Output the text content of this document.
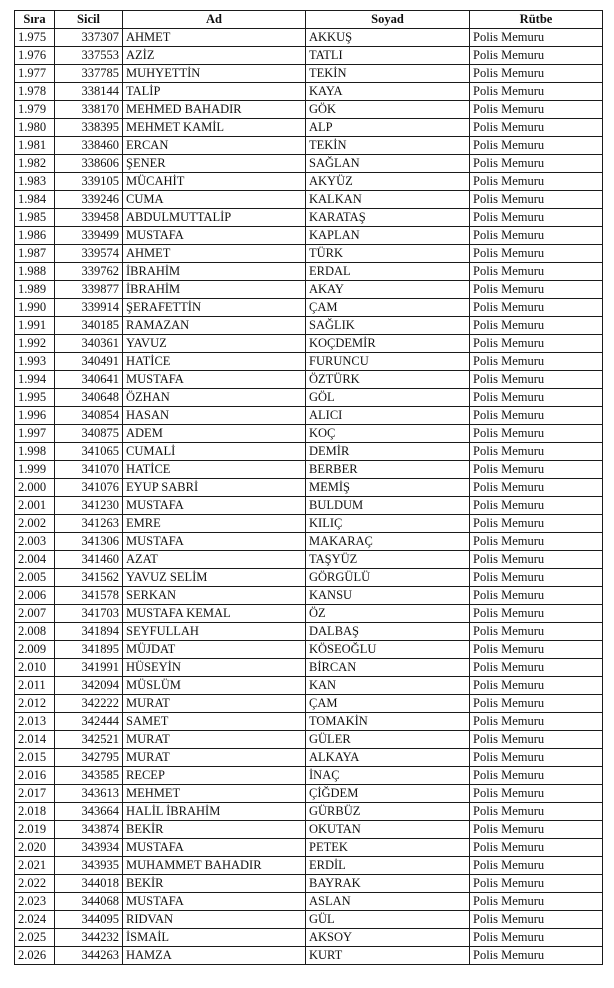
Sıra	Sicil	Ad	Soyad	Rütbe
1.975	337307	AHMET	AKKUŞ	Polis Memuru
1.976	337553	AZİZ	TATLI	Polis Memuru
1.977	337785	MUHYETTİN	TEKİN	Polis Memuru
1.978	338144	TALİP	KAYA	Polis Memuru
1.979	338170	MEHMED BAHADIR	GÖK	Polis Memuru
1.980	338395	MEHMET KAMİL	ALP	Polis Memuru
1.981	338460	ERCAN	TEKİN	Polis Memuru
1.982	338606	ŞENER	SAĞLAN	Polis Memuru
1.983	339105	MÜCAHİT	AKYÜZ	Polis Memuru
1.984	339246	CUMA	KALKAN	Polis Memuru
1.985	339458	ABDULMUTTALİP	KARATAŞ	Polis Memuru
1.986	339499	MUSTAFA	KAPLAN	Polis Memuru
1.987	339574	AHMET	TÜRK	Polis Memuru
1.988	339762	İBRAHİM	ERDAL	Polis Memuru
1.989	339877	İBRAHİM	AKAY	Polis Memuru
1.990	339914	ŞERAFETTİN	ÇAM	Polis Memuru
1.991	340185	RAMAZAN	SAĞLIK	Polis Memuru
1.992	340361	YAVUZ	KOÇDEMİR	Polis Memuru
1.993	340491	HATİCE	FURUNCU	Polis Memuru
1.994	340641	MUSTAFA	ÖZTÜRK	Polis Memuru
1.995	340648	ÖZHAN	GÖL	Polis Memuru
1.996	340854	HASAN	ALICI	Polis Memuru
1.997	340875	ADEM	KOÇ	Polis Memuru
1.998	341065	CUMALİ	DEMİR	Polis Memuru
1.999	341070	HATİCE	BERBER	Polis Memuru
2.000	341076	EYUP SABRİ	MEMİŞ	Polis Memuru
2.001	341230	MUSTAFA	BULDUM	Polis Memuru
2.002	341263	EMRE	KILIÇ	Polis Memuru
2.003	341306	MUSTAFA	MAKARAÇ	Polis Memuru
2.004	341460	AZAT	TAŞYÜZ	Polis Memuru
2.005	341562	YAVUZ SELİM	GÖRGÜLÜ	Polis Memuru
2.006	341578	SERKAN	KANSU	Polis Memuru
2.007	341703	MUSTAFA KEMAL	ÖZ	Polis Memuru
2.008	341894	SEYFULLAH	DALBAŞ	Polis Memuru
2.009	341895	MÜJDAT	KÖSEOĞLU	Polis Memuru
2.010	341991	HÜSEYİN	BİRCAN	Polis Memuru
2.011	342094	MÜSLÜM	KAN	Polis Memuru
2.012	342222	MURAT	ÇAM	Polis Memuru
2.013	342444	SAMET	TOMAKİN	Polis Memuru
2.014	342521	MURAT	GÜLER	Polis Memuru
2.015	342795	MURAT	ALKAYA	Polis Memuru
2.016	343585	RECEP	İNAÇ	Polis Memuru
2.017	343613	MEHMET	ÇİĞDEM	Polis Memuru
2.018	343664	HALİL İBRAHİM	GÜRBÜZ	Polis Memuru
2.019	343874	BEKİR	OKUTAN	Polis Memuru
2.020	343934	MUSTAFA	PETEK	Polis Memuru
2.021	343935	MUHAMMET BAHADIR	ERDİL	Polis Memuru
2.022	344018	BEKİR	BAYRAK	Polis Memuru
2.023	344068	MUSTAFA	ASLAN	Polis Memuru
2.024	344095	RIDVAN	GÜL	Polis Memuru
2.025	344232	İSMAİL	AKSOY	Polis Memuru
2.026	344263	HAMZA	KURT	Polis Memuru
